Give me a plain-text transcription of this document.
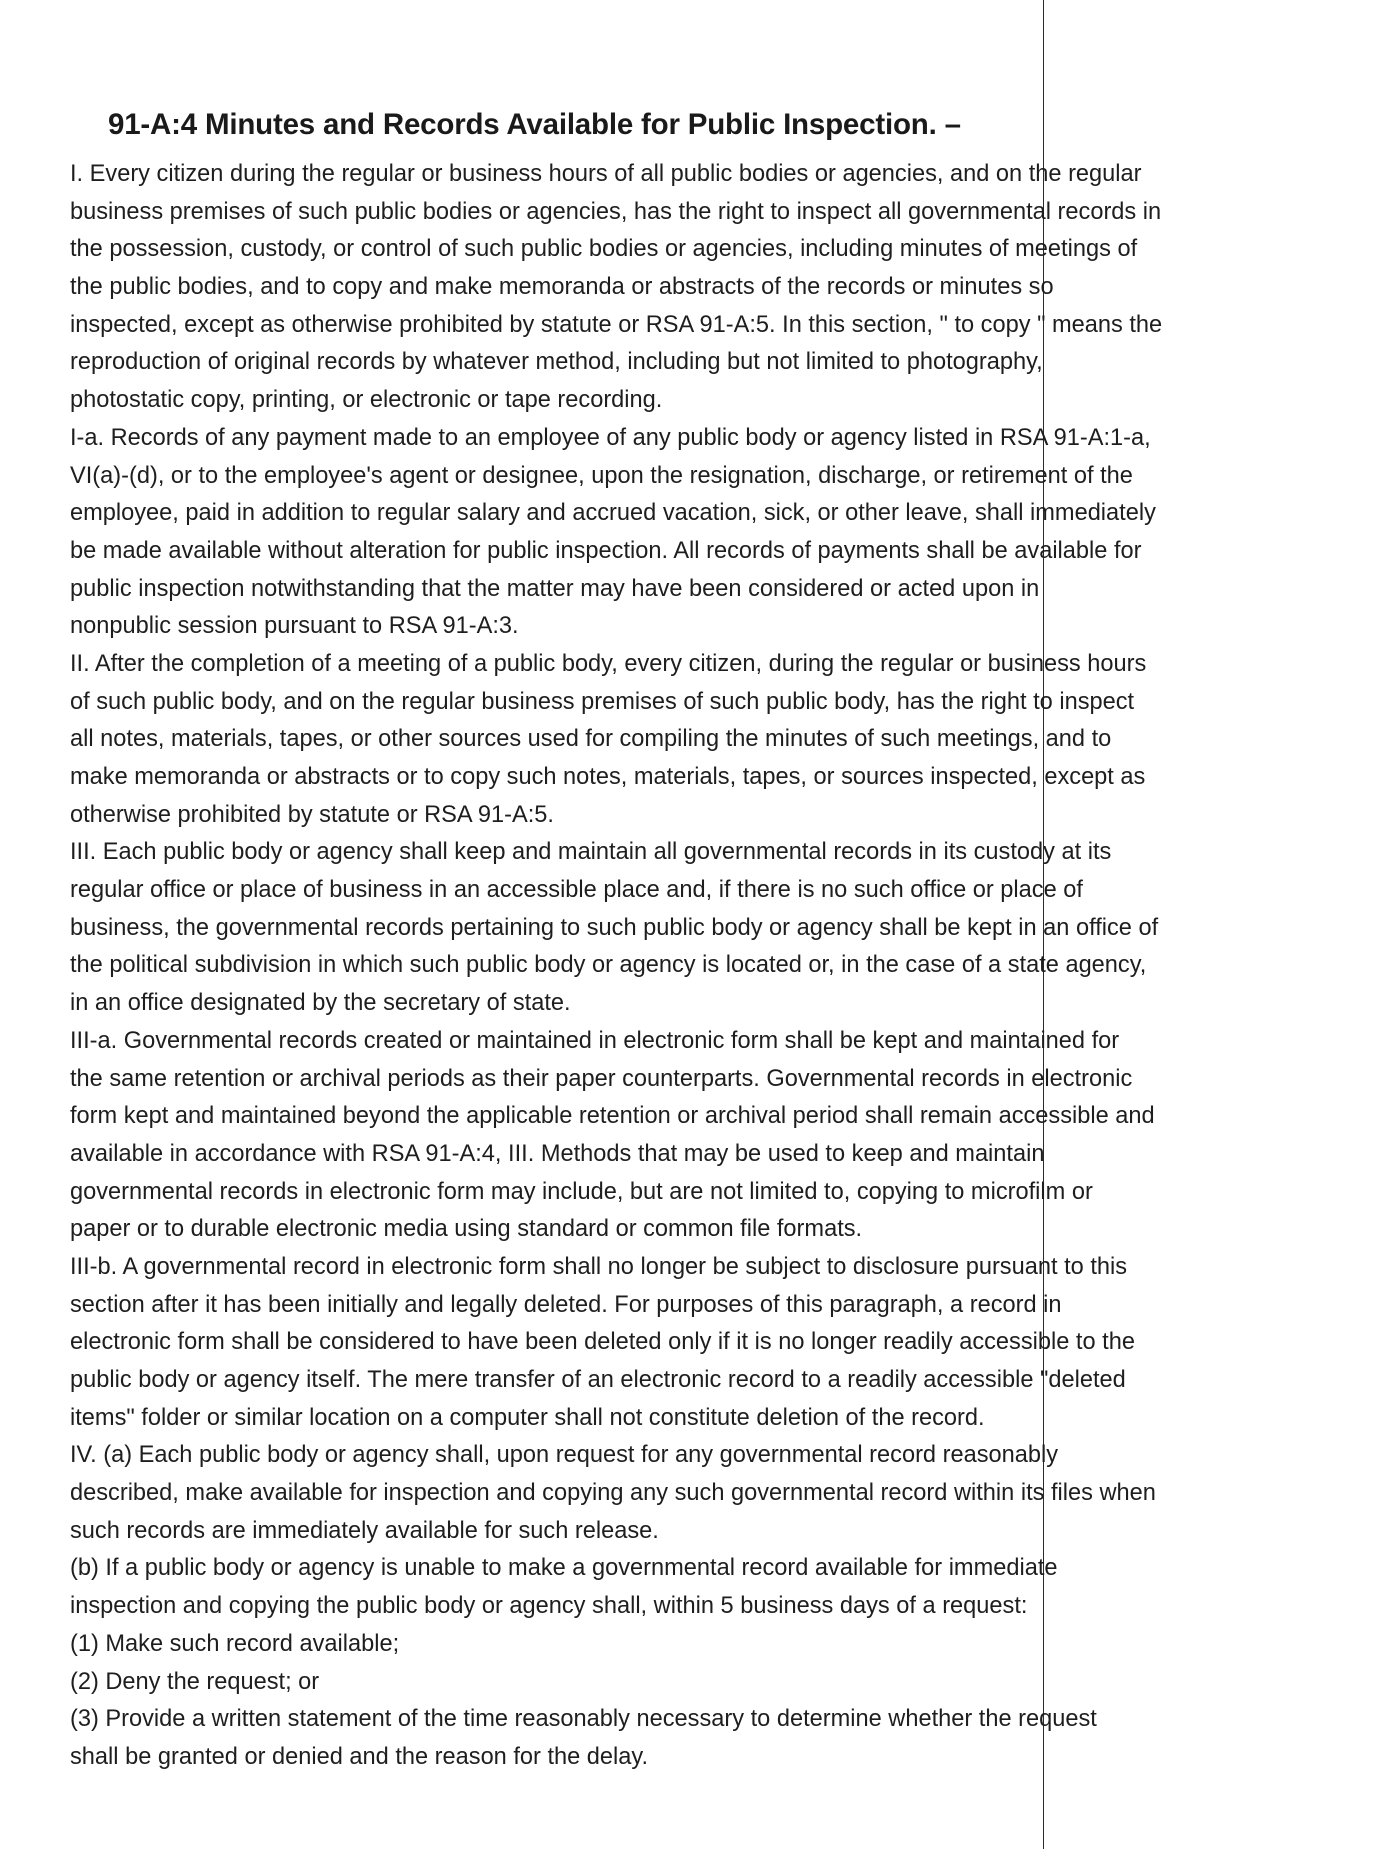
91-A:4 Minutes and Records Available for Public Inspection. –
I. Every citizen during the regular or business hours of all public bodies or agencies, and on the regular
business premises of such public bodies or agencies, has the right to inspect all governmental records in
the possession, custody, or control of such public bodies or agencies, including minutes of meetings of
the public bodies, and to copy and make memoranda or abstracts of the records or minutes so
inspected, except as otherwise prohibited by statute or RSA 91-A:5. In this section, " to copy " means the
reproduction of original records by whatever method, including but not limited to photography,
photostatic copy, printing, or electronic or tape recording.
I-a. Records of any payment made to an employee of any public body or agency listed in RSA 91-A:1-a,
VI(a)-(d), or to the employee's agent or designee, upon the resignation, discharge, or retirement of the
employee, paid in addition to regular salary and accrued vacation, sick, or other leave, shall immediately
be made available without alteration for public inspection. All records of payments shall be available for
public inspection notwithstanding that the matter may have been considered or acted upon in
nonpublic session pursuant to RSA 91-A:3.
II. After the completion of a meeting of a public body, every citizen, during the regular or business hours
of such public body, and on the regular business premises of such public body, has the right to inspect
all notes, materials, tapes, or other sources used for compiling the minutes of such meetings, and to
make memoranda or abstracts or to copy such notes, materials, tapes, or sources inspected, except as
otherwise prohibited by statute or RSA 91-A:5.
III. Each public body or agency shall keep and maintain all governmental records in its custody at its
regular office or place of business in an accessible place and, if there is no such office or place of
business, the governmental records pertaining to such public body or agency shall be kept in an office of
the political subdivision in which such public body or agency is located or, in the case of a state agency,
in an office designated by the secretary of state.
III-a. Governmental records created or maintained in electronic form shall be kept and maintained for
the same retention or archival periods as their paper counterparts. Governmental records in electronic
form kept and maintained beyond the applicable retention or archival period shall remain accessible and
available in accordance with RSA 91-A:4, III. Methods that may be used to keep and maintain
governmental records in electronic form may include, but are not limited to, copying to microfilm or
paper or to durable electronic media using standard or common file formats.
III-b. A governmental record in electronic form shall no longer be subject to disclosure pursuant to this
section after it has been initially and legally deleted. For purposes of this paragraph, a record in
electronic form shall be considered to have been deleted only if it is no longer readily accessible to the
public body or agency itself. The mere transfer of an electronic record to a readily accessible "deleted
items" folder or similar location on a computer shall not constitute deletion of the record.
IV. (a) Each public body or agency shall, upon request for any governmental record reasonably
described, make available for inspection and copying any such governmental record within its files when
such records are immediately available for such release.
(b) If a public body or agency is unable to make a governmental record available for immediate
inspection and copying the public body or agency shall, within 5 business days of a request:
(1) Make such record available;
(2) Deny the request; or
(3) Provide a written statement of the time reasonably necessary to determine whether the request
shall be granted or denied and the reason for the delay.
